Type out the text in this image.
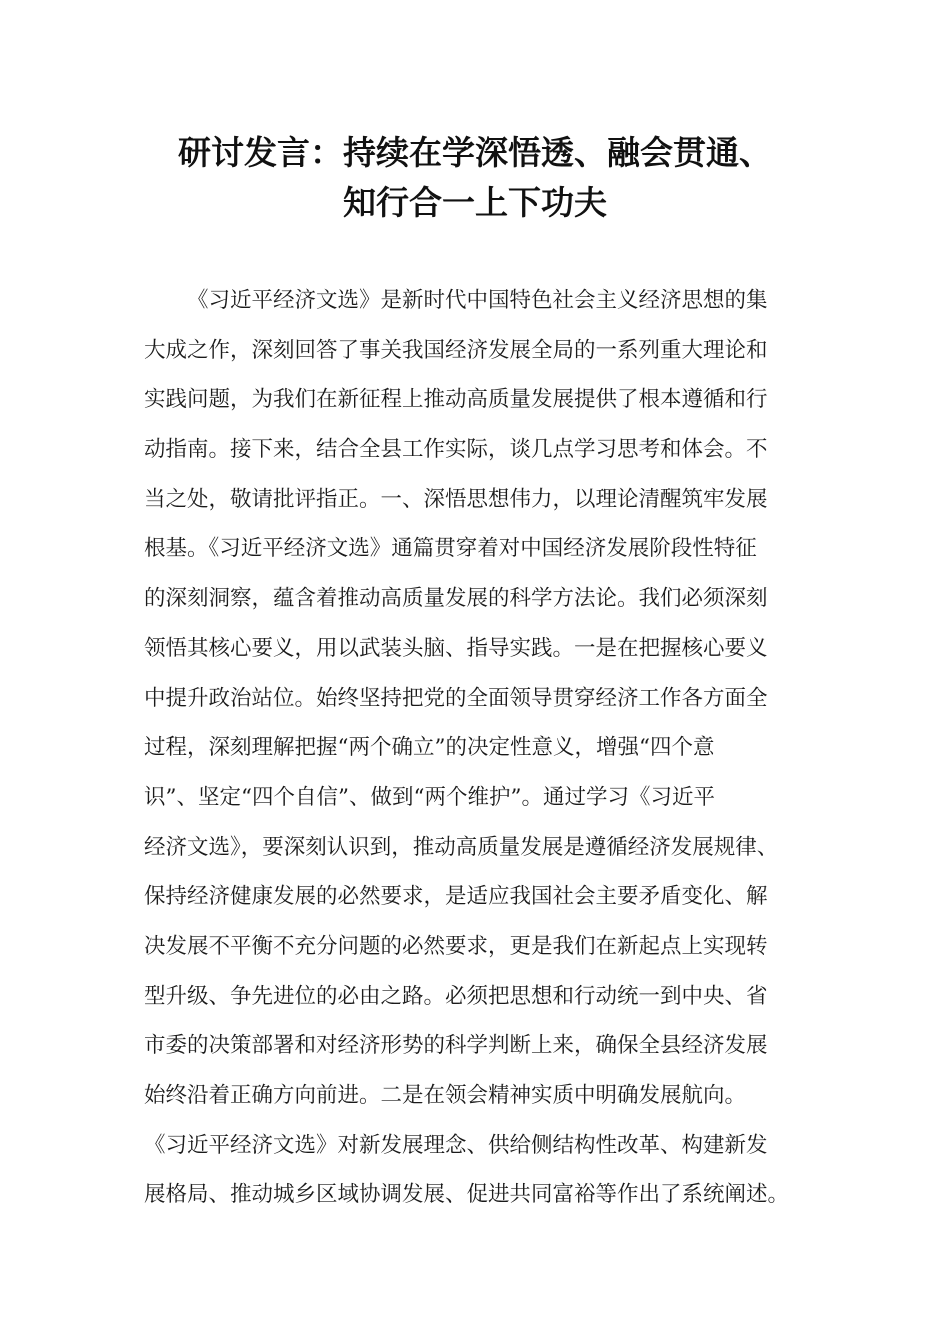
研讨发言：持续在学深悟透、融会贯通、
知行合一上下功夫
《习近平经济文选》是新时代中国特色社会主义经济思想的集
大成之作，深刻回答了事关我国经济发展全局的一系列重大理论和
实践问题，为我们在新征程上推动高质量发展提供了根本遵循和行
动指南。接下来，结合全县工作实际，谈几点学习思考和体会。不
当之处，敬请批评指正。一、深悟思想伟力，以理论清醒筑牢发展
根基。《习近平经济文选》通篇贯穿着对中国经济发展阶段性特征
的深刻洞察，蕴含着推动高质量发展的科学方法论。我们必须深刻
领悟其核心要义，用以武装头脑、指导实践。一是在把握核心要义
中提升政治站位。始终坚持把党的全面领导贯穿经济工作各方面全
过程，深刻理解把握“两个确立”的决定性意义，增强“四个意
识”、坚定“四个自信”、做到“两个维护”。通过学习《习近平
经济文选》，要深刻认识到，推动高质量发展是遵循经济发展规律、
保持经济健康发展的必然要求，是适应我国社会主要矛盾变化、解
决发展不平衡不充分问题的必然要求，更是我们在新起点上实现转
型升级、争先进位的必由之路。必须把思想和行动统一到中央、省
市委的决策部署和对经济形势的科学判断上来，确保全县经济发展
始终沿着正确方向前进。二是在领会精神实质中明确发展航向。
《习近平经济文选》对新发展理念、供给侧结构性改革、构建新发
展格局、推动城乡区域协调发展、促进共同富裕等作出了系统阐述。
